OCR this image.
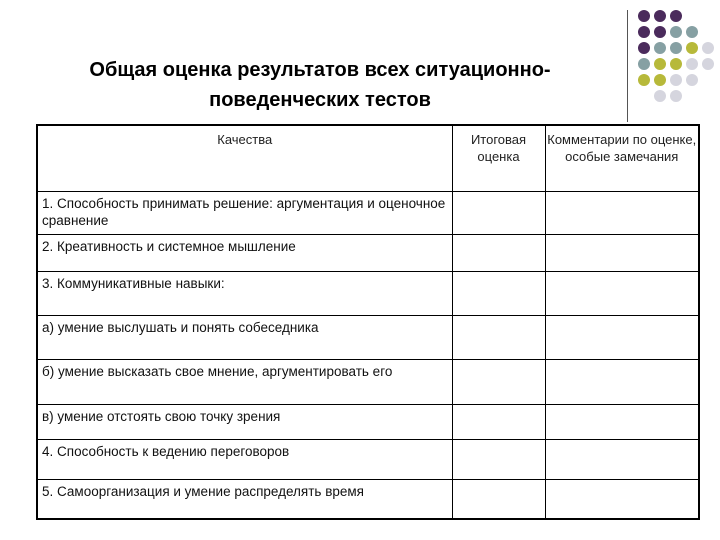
Общая оценка результатов всех ситуационно-
поведенческих тестов
Качества	Итоговая оценка	Комментарии по оценке, особые замечания
1. Способность принимать решение: аргументация и оценочное сравнение		
2. Креативность и системное мышление		
3. Коммуникативные навыки:		
а) умение выслушать и понять собеседника		
б) умение высказать свое мнение, аргументировать его		
в) умение отстоять свою точку зрения		
4. Способность к ведению переговоров		
5. Самоорганизация и умение распределять время		
